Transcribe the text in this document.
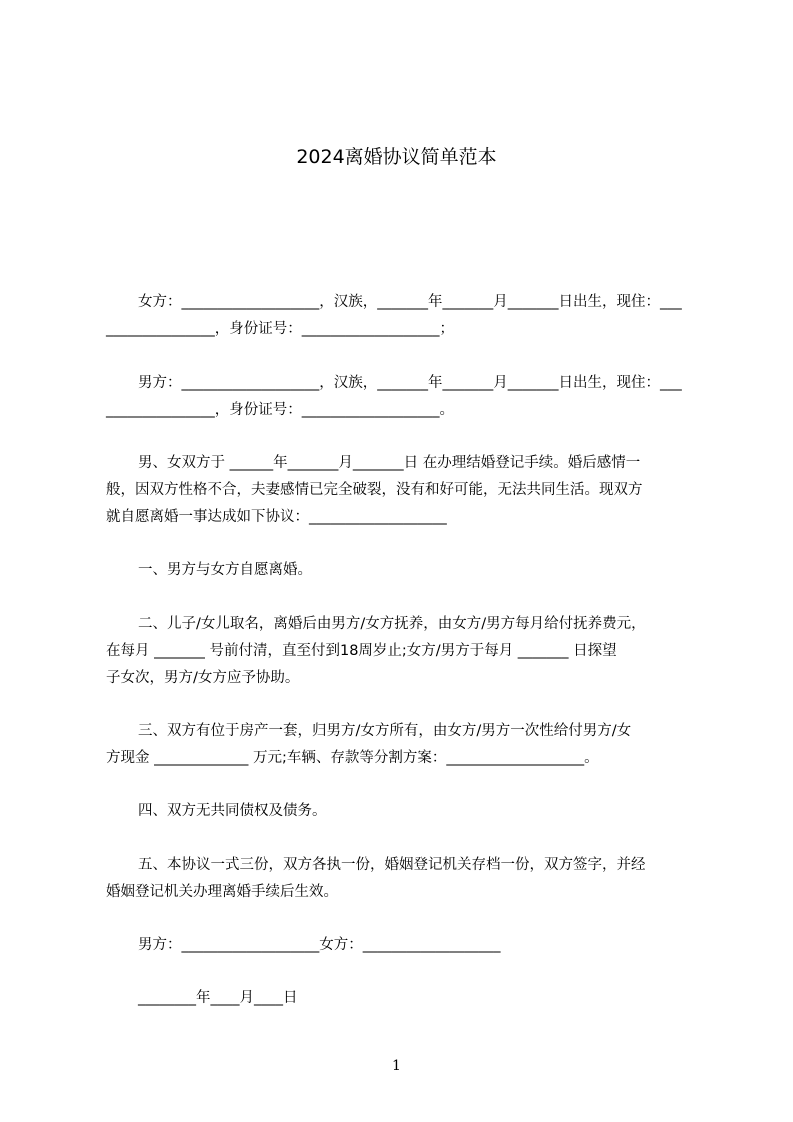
2024离婚协议简单范本
女方：___________________，汉族，_______年_______月_______日出生，现住：___
_______________，身份证号：___________________；
男方：___________________，汉族，_______年_______月_______日出生，现住：___
_______________，身份证号：___________________。
男、女双方于 ______年_______月_______日 在办理结婚登记手续。婚后感情一
般，因双方性格不合，夫妻感情已完全破裂，没有和好可能，无法共同生活。现双方
就自愿离婚一事达成如下协议：___________________
一、男方与女方自愿离婚。
二、儿子/女儿取名，离婚后由男方/女方抚养，由女方/男方每月给付抚养费元，
在每月 _______ 号前付清，直至付到18周岁止;女方/男方于每月 _______ 日探望
子女次，男方/女方应予协助。
三、双方有位于房产一套，归男方/女方所有，由女方/男方一次性给付男方/女
方现金 _____________ 万元;车辆、存款等分割方案：___________________。
四、双方无共同债权及债务。
五、本协议一式三份，双方各执一份，婚姻登记机关存档一份，双方签字，并经
婚姻登记机关办理离婚手续后生效。
男方：___________________女方：___________________
________年____月____日
1
